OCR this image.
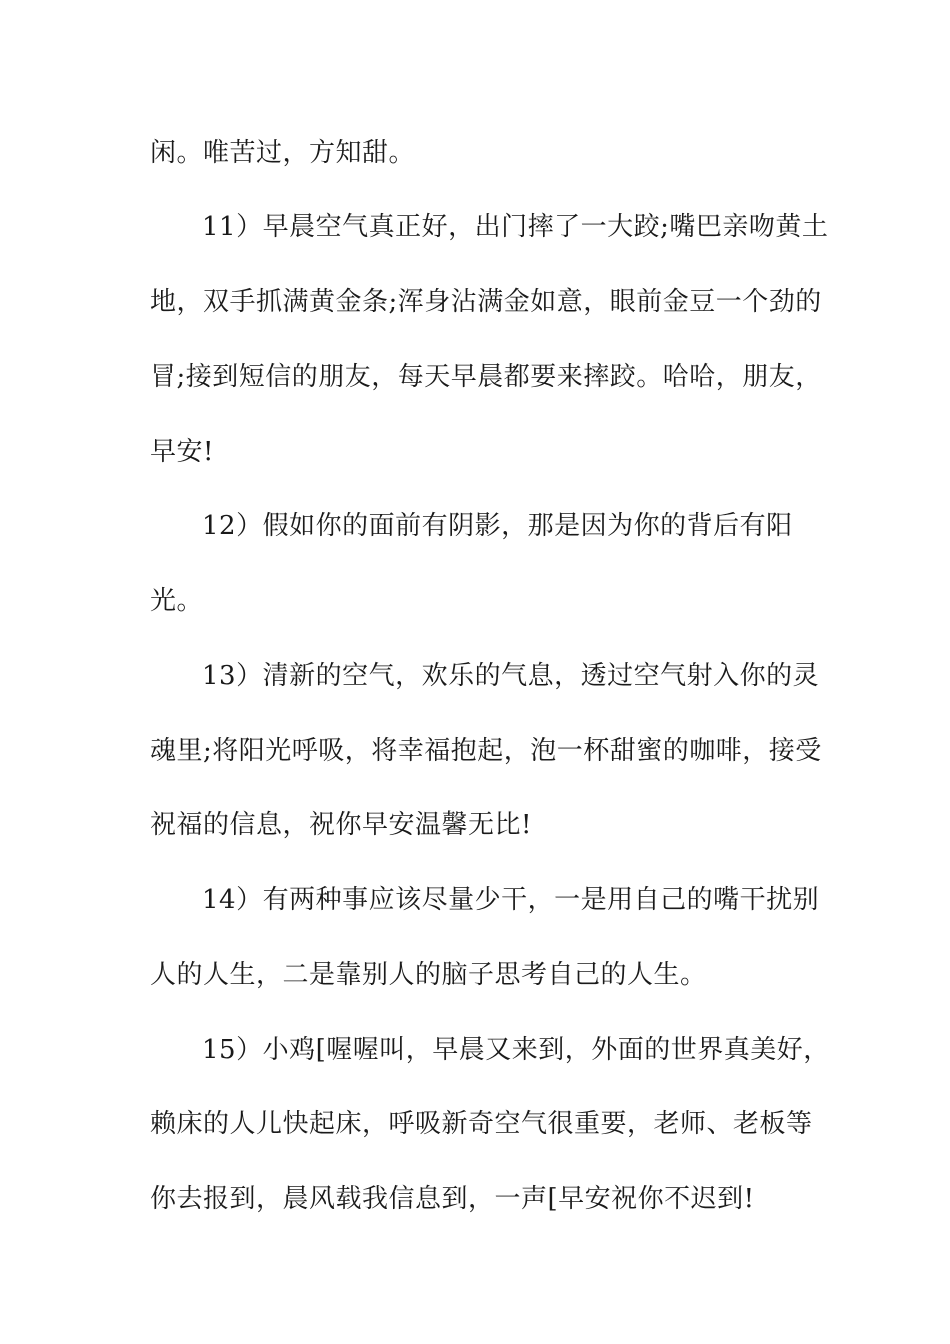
闲。唯苦过，方知甜。
11）早晨空气真正好，出门摔了一大跤;嘴巴亲吻黄土
地，双手抓满黄金条;浑身沾满金如意，眼前金豆一个劲的
冒;接到短信的朋友，每天早晨都要来摔跤。哈哈，朋友，
早安!
12）假如你的面前有阴影，那是因为你的背后有阳
光。
13）清新的空气，欢乐的气息，透过空气射入你的灵
魂里;将阳光呼吸，将幸福抱起，泡一杯甜蜜的咖啡，接受
祝福的信息，祝你早安温馨无比!
14）有两种事应该尽量少干，一是用自己的嘴干扰别
人的人生，二是靠别人的脑子思考自己的人生。
15）小鸡[喔喔叫，早晨又来到，外面的世界真美好，
赖床的人儿快起床，呼吸新奇空气很重要，老师、老板等
你去报到，晨风载我信息到，一声[早安祝你不迟到!
